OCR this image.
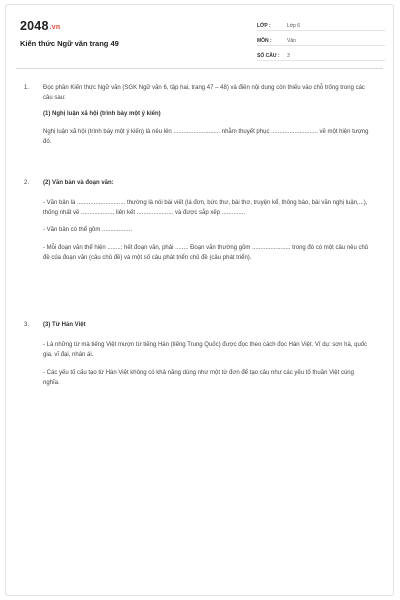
2048.vn
Kiến thức Ngữ văn trang 49
LỚP :	Lớp 6
MÔN :	Văn
SỐ CÂU :	3
1. Đọc phần Kiến thức Ngữ văn (SGK Ngữ văn 6, tập hai, trang 47 – 48) và điền nội dung còn thiếu vào chỗ trống trong các câu sau:

(1) Nghị luận xã hội (trình bày một ý kiến)

Nghị luận xã hội (trình bày một ý kiến) là nêu lên ............................ nhằm thuyết phục ............................ về một hiện tượng đó.

2. (2) Văn bản và đoạn văn:

- Văn bản là ............................. thường là nói bài viết (lá đơn, bức thư, bài thơ, truyện kể, thông báo, bài văn nghị luận,...), thống nhất về ..................., liên kết ...................... và được sắp xếp ..............

- Văn bản có thể gồm ..................

- Mỗi đoạn văn thể hiện ........; hết đoạn văn, phải ........ Đoạn văn thường gồm ....................... trong đó có một câu nêu chủ đề của đoạn văn (câu chủ đề) và một số câu phát triển chủ đề (câu phát triển).

3. (3) Từ Hán Việt

- Là những từ mà tiếng Việt mượn từ tiếng Hán (tiếng Trung Quốc) được đọc theo cách đọc Hán Việt. Ví dụ: sơn hà, quốc gia, vĩ đại, nhân ái.

- Các yếu tố cấu tạo từ Hán Việt không có khả năng dùng như một từ đơn để tạo câu như các yếu tố thuần Việt cùng nghĩa.
